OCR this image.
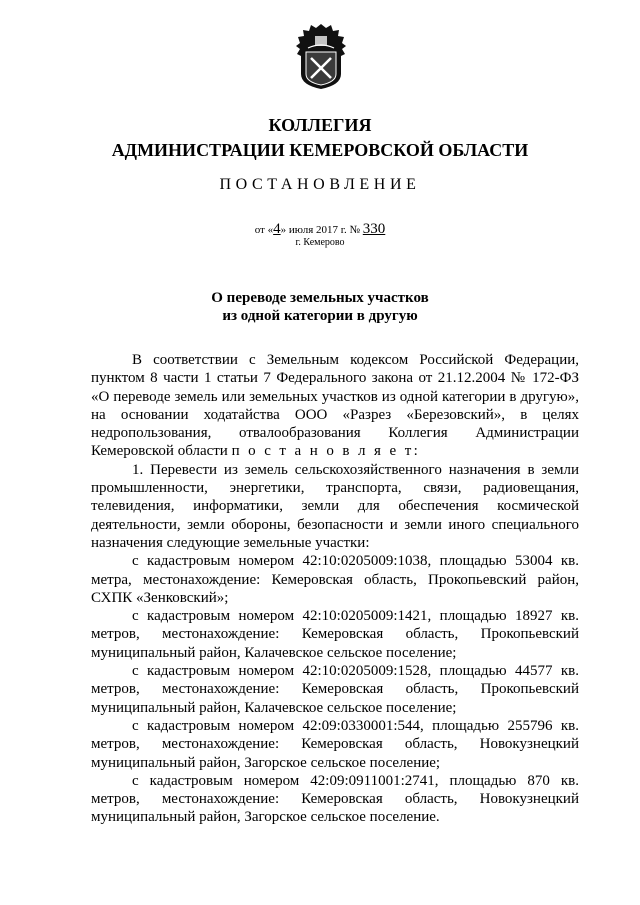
КОЛЛЕГИЯ
АДМИНИСТРАЦИИ КЕМЕРОВСКОЙ ОБЛАСТИ
ПОСТАНОВЛЕНИЕ
от «4» июля 2017 г. № 330
г. Кемерово
О переводе земельных участков
из одной категории в другую

В соответствии с Земельным кодексом Российской Федерации, пунктом 8 части 1 статьи 7 Федерального закона от 21.12.2004 № 172-ФЗ «О переводе земель или земельных участков из одной категории в другую», на основании ходатайства ООО «Разрез «Березовский», в целях недропользования, отвалообразования Коллегия Администрации Кемеровской области п о с т а н о в л я е т:

1. Перевести из земель сельскохозяйственного назначения в земли промышленности, энергетики, транспорта, связи, радиовещания, телевидения, информатики, земли для обеспечения космической деятельности, земли обороны, безопасности и земли иного специального назначения следующие земельные участки:

с кадастровым номером 42:10:0205009:1038, площадью 53004 кв. метра, местонахождение: Кемеровская область, Прокопьевский район, СХПК «Зенковский»;

с кадастровым номером 42:10:0205009:1421, площадью 18927 кв. метров, местонахождение: Кемеровская область, Прокопьевский муниципальный район, Калачевское сельское поселение;

с кадастровым номером 42:10:0205009:1528, площадью 44577 кв. метров, местонахождение: Кемеровская область, Прокопьевский муниципальный район, Калачевское сельское поселение;

с кадастровым номером 42:09:0330001:544, площадью 255796 кв. метров, местонахождение: Кемеровская область, Новокузнецкий муниципальный район, Загорское сельское поселение;

с кадастровым номером 42:09:0911001:2741, площадью 870 кв. метров, местонахождение: Кемеровская область, Новокузнецкий муниципальный район, Загорское сельское поселение.
